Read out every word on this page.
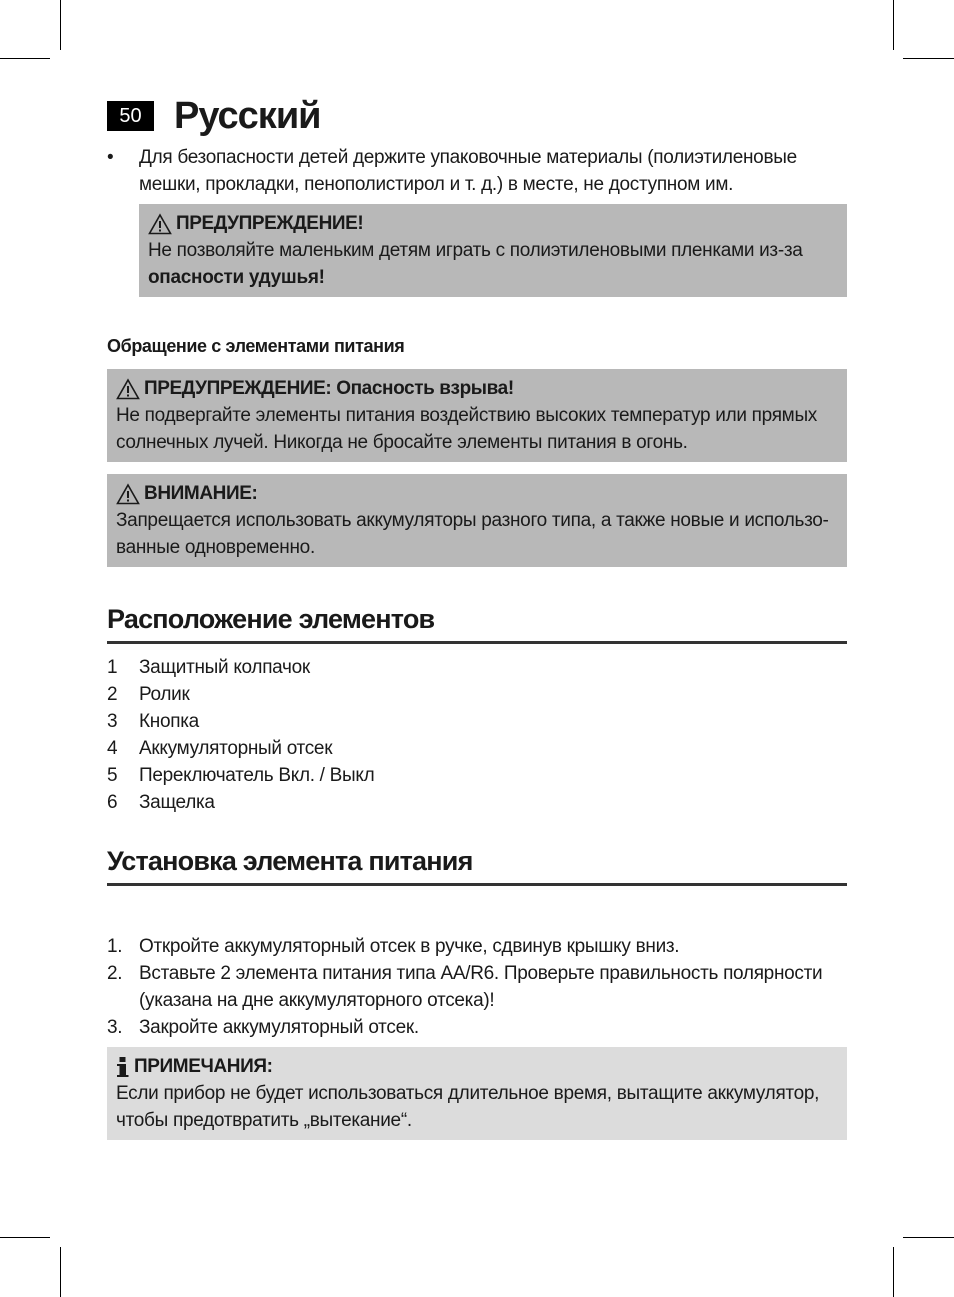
50 Русский
•	Для безопасности детей держите упаковочные материалы (полиэтиленовые мешки, прокладки, пенополистирол и т. д.) в месте, не доступном им.
ПРЕДУПРЕЖДЕНИЕ!
Не позволяйте маленьким детям играть с полиэтиленовыми пленками из-за
опасности удушья!
Обращение с элементами питания
ПРЕДУПРЕЖДЕНИЕ: Опасность взрыва!
Не подвергайте элементы питания воздействию высоких температур или прямых солнечных лучей. Никогда не бросайте элементы питания в огонь.
ВНИМАНИЕ:
Запрещается использовать аккумуляторы разного типа, а также новые и использо-ванные одновременно.
Расположение элементов
1	Защитный колпачок
2	Ролик
3	Кнопка
4	Аккумуляторный отсек
5	Переключатель Вкл. / Выкл
6	Защелка
Установка элемента питания
1. Откройте аккумуляторный отсек в ручке, сдвинув крышку вниз.
2. Вставьте 2 элемента питания типа AA/R6. Проверьте правильность полярности (указана на дне аккумуляторного отсека)!
3. Закройте аккумуляторный отсек.
ПРИМЕЧАНИЯ:
Если прибор не будет использоваться длительное время, вытащите аккумулятор, чтобы предотвратить „вытекание“.
